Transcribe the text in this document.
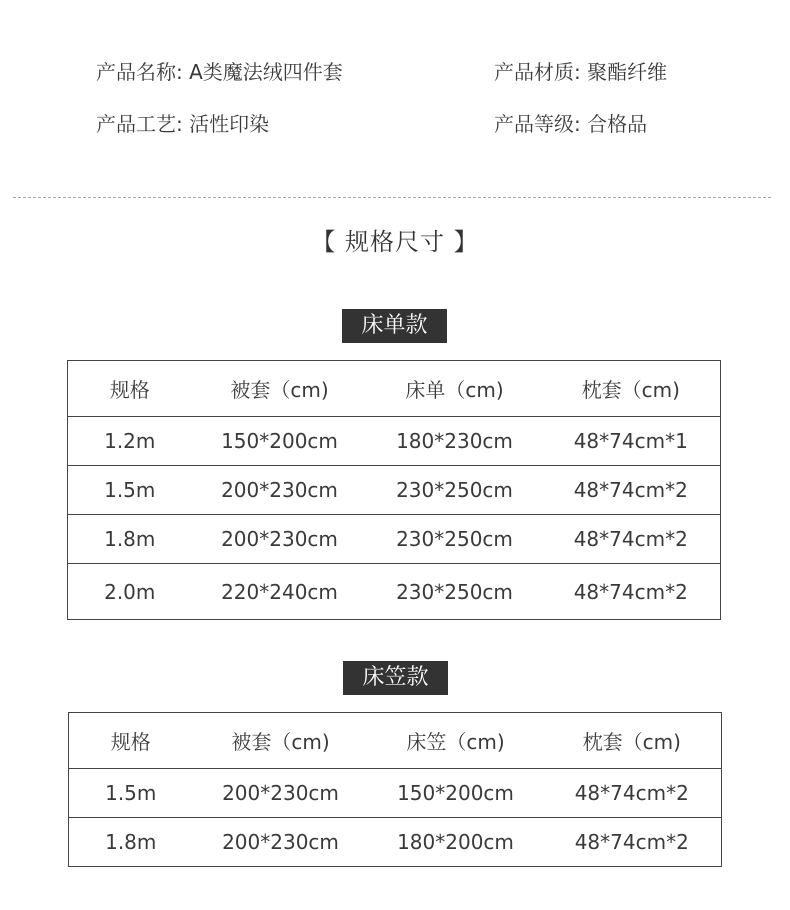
产品名称: A类魔法绒四件套	产品材质: 聚酯纤维
产品工艺: 活性印染	产品等级: 合格品
【 规格尺寸 】
床单款
规格	被套（cm)	床单（cm)	枕套（cm)
1.2m	150*200cm	180*230cm	48*74cm*1
1.5m	200*230cm	230*250cm	48*74cm*2
1.8m	200*230cm	230*250cm	48*74cm*2
2.0m	220*240cm	230*250cm	48*74cm*2
床笠款
规格	被套（cm)	床笠（cm)	枕套（cm)
1.5m	200*230cm	150*200cm	48*74cm*2
1.8m	200*230cm	180*200cm	48*74cm*2
